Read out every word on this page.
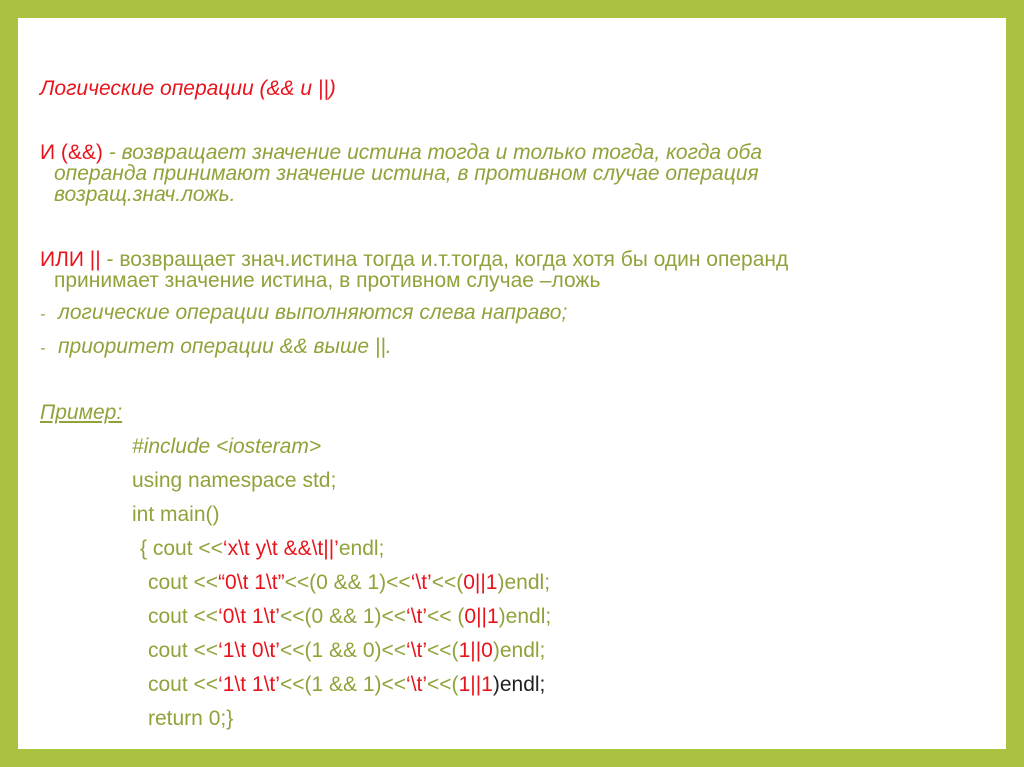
Логические операции (&& и ||)
И (&&) - возвращает значение истина тогда и только тогда, когда оба
операнда принимают значение истина, в противном случае операция
возращ.знач.ложь.
ИЛИ || - возвращает знач.истина тогда и.т.тогда, когда хотя бы один операнд
принимает значение истина, в противном случае –ложь
- логические операции выполняются слева направо;
- приоритет операции && выше ||.
Пример:
#include <iosteram>
using namespace std;
int main()
{ cout <<‘x\t y\t &&\t||’endl;
cout <<“0\t 1\t”<<(0 && 1)<<‘\t’<<(0||1)endl;
cout <<‘0\t 1\t’<<(0 && 1)<<‘\t’<< (0||1)endl;
cout <<‘1\t 0\t’<<(1 && 0)<<‘\t’<<(1||0)endl;
cout <<‘1\t 1\t’<<(1 && 1)<<‘\t’<<(1||1)endl;
return 0;}
